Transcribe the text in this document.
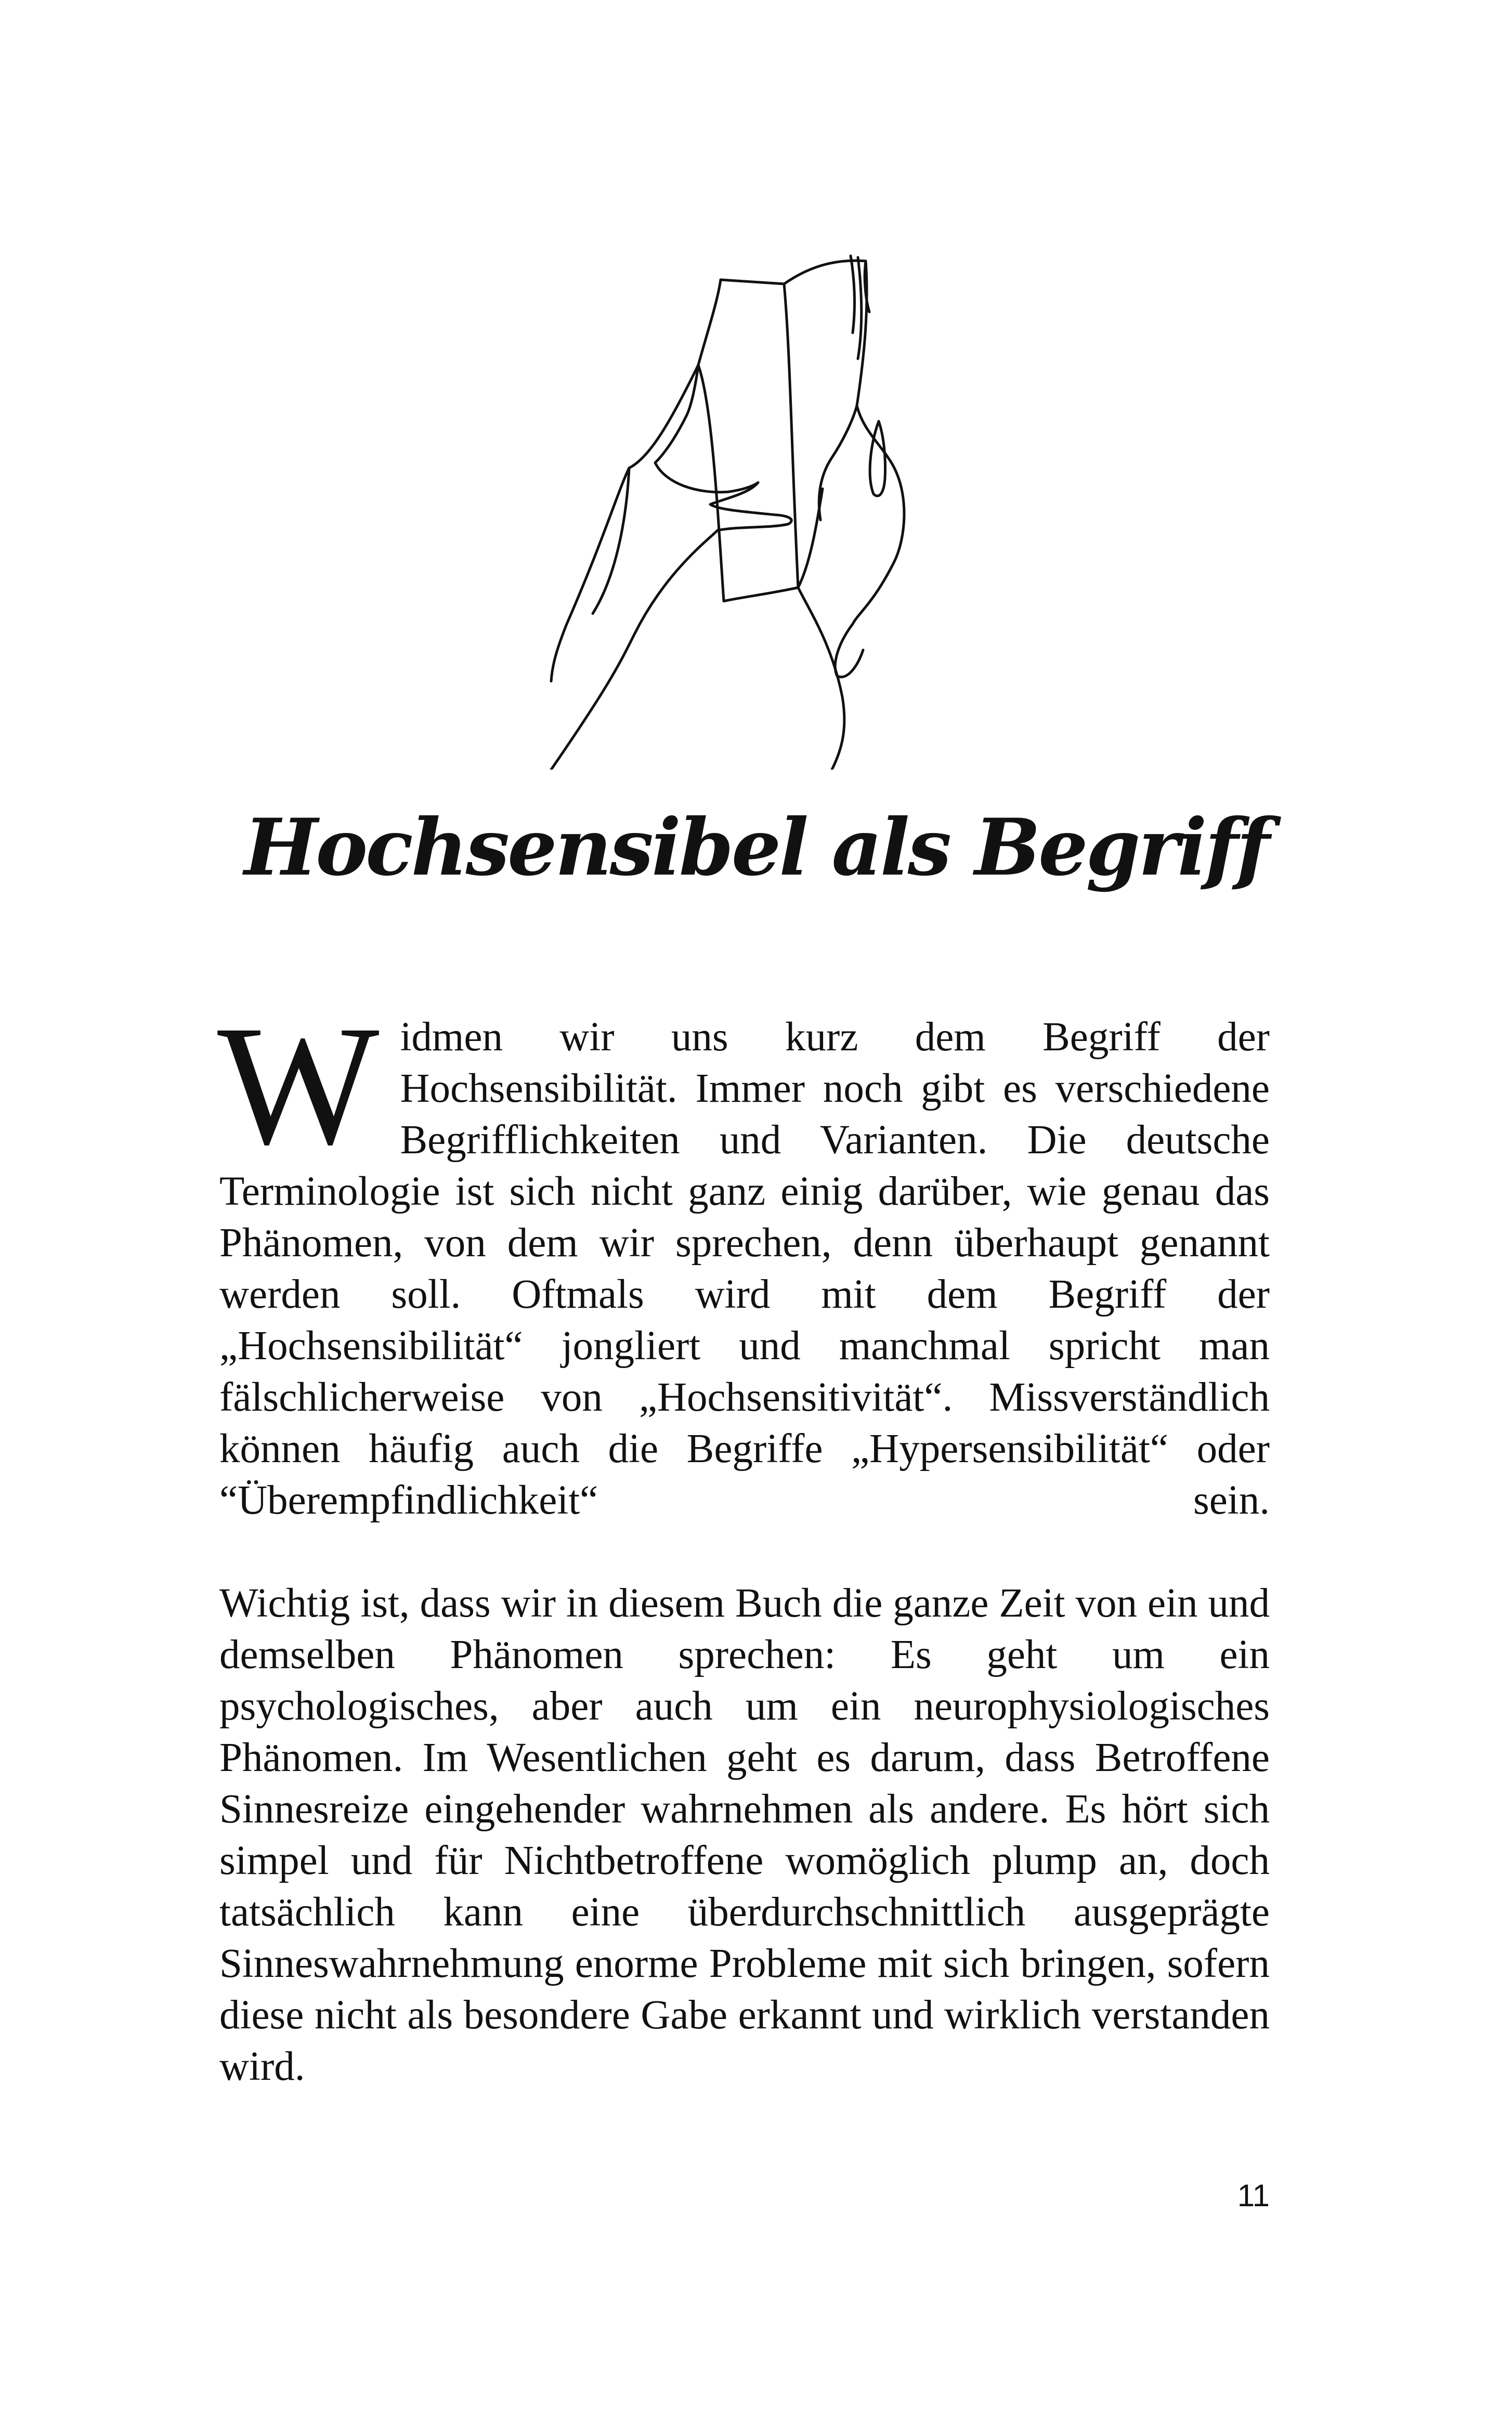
Hochsensibel als Begriff

Widmen wir uns kurz dem Begriff der Hochsensibilität. Immer noch gibt es verschiedene Begrifflichkeiten und Varianten. Die deutsche Terminologie ist sich nicht ganz einig darüber, wie genau das Phänomen, von dem wir sprechen, denn überhaupt genannt werden soll. Oftmals wird mit dem Begriff der „Hochsensibilität“ jongliert und manchmal spricht man fälschlicherweise von „Hochsensitivität“. Missverständlich können häufig auch die Begriffe „Hypersensibilität“ oder “Überempfindlichkeit“ sein.

Wichtig ist, dass wir in diesem Buch die ganze Zeit von ein und demselben Phänomen sprechen: Es geht um ein psychologisches, aber auch um ein neurophysiologisches Phänomen. Im Wesentlichen geht es darum, dass Betroffene Sinnesreize eingehender wahrnehmen als andere. Es hört sich simpel und für Nichtbetroffene womöglich plump an, doch tatsächlich kann eine überdurchschnittlich ausgeprägte Sinneswahrnehmung enorme Probleme mit sich bringen, sofern diese nicht als besondere Gabe erkannt und wirklich verstanden wird.

11
